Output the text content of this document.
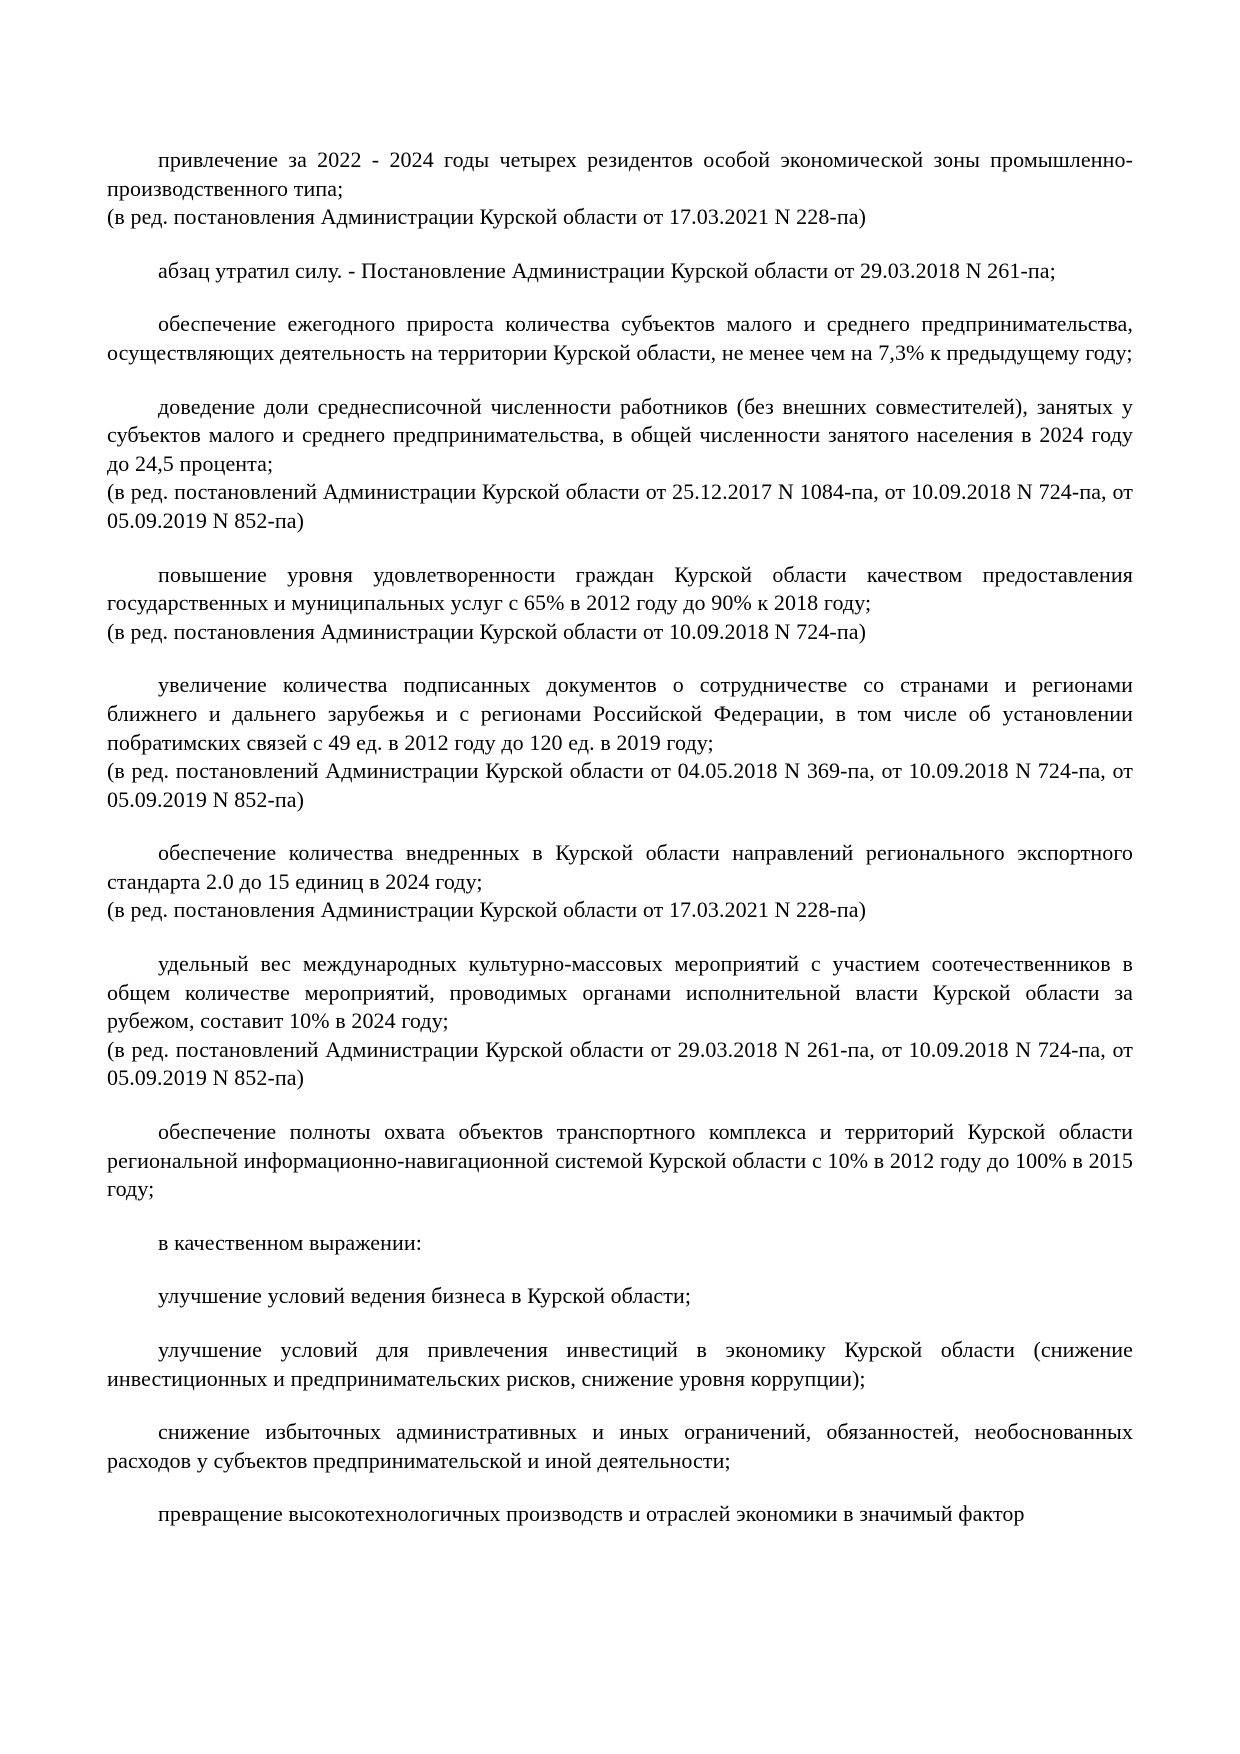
привлечение за 2022 - 2024 годы четырех резидентов особой экономической зоны промышленно-производственного типа;

(в ред. постановления Администрации Курской области от 17.03.2021 N 228-па)

абзац утратил силу. - Постановление Администрации Курской области от 29.03.2018 N 261-па;

обеспечение ежегодного прироста количества субъектов малого и среднего предпринимательства, осуществляющих деятельность на территории Курской области, не менее чем на 7,3% к предыдущему году;

доведение доли среднесписочной численности работников (без внешних совместителей), занятых у субъектов малого и среднего предпринимательства, в общей численности занятого населения в 2024 году до 24,5 процента;

(в ред. постановлений Администрации Курской области от 25.12.2017 N 1084-па, от 10.09.2018 N 724-па, от 05.09.2019 N 852-па)

повышение уровня удовлетворенности граждан Курской области качеством предоставления государственных и муниципальных услуг с 65% в 2012 году до 90% к 2018 году;

(в ред. постановления Администрации Курской области от 10.09.2018 N 724-па)

увеличение количества подписанных документов о сотрудничестве со странами и регионами ближнего и дальнего зарубежья и с регионами Российской Федерации, в том числе об установлении побратимских связей с 49 ед. в 2012 году до 120 ед. в 2019 году;

(в ред. постановлений Администрации Курской области от 04.05.2018 N 369-па, от 10.09.2018 N 724-па, от 05.09.2019 N 852-па)

обеспечение количества внедренных в Курской области направлений регионального экспортного стандарта 2.0 до 15 единиц в 2024 году;

(в ред. постановления Администрации Курской области от 17.03.2021 N 228-па)

удельный вес международных культурно-массовых мероприятий с участием соотечественников в общем количестве мероприятий, проводимых органами исполнительной власти Курской области за рубежом, составит 10% в 2024 году;

(в ред. постановлений Администрации Курской области от 29.03.2018 N 261-па, от 10.09.2018 N 724-па, от 05.09.2019 N 852-па)

обеспечение полноты охвата объектов транспортного комплекса и территорий Курской области региональной информационно-навигационной системой Курской области с 10% в 2012 году до 100% в 2015 году;

в качественном выражении:

улучшение условий ведения бизнеса в Курской области;

улучшение условий для привлечения инвестиций в экономику Курской области (снижение инвестиционных и предпринимательских рисков, снижение уровня коррупции);

снижение избыточных административных и иных ограничений, обязанностей, необоснованных расходов у субъектов предпринимательской и иной деятельности;

превращение высокотехнологичных производств и отраслей экономики в значимый фактор
